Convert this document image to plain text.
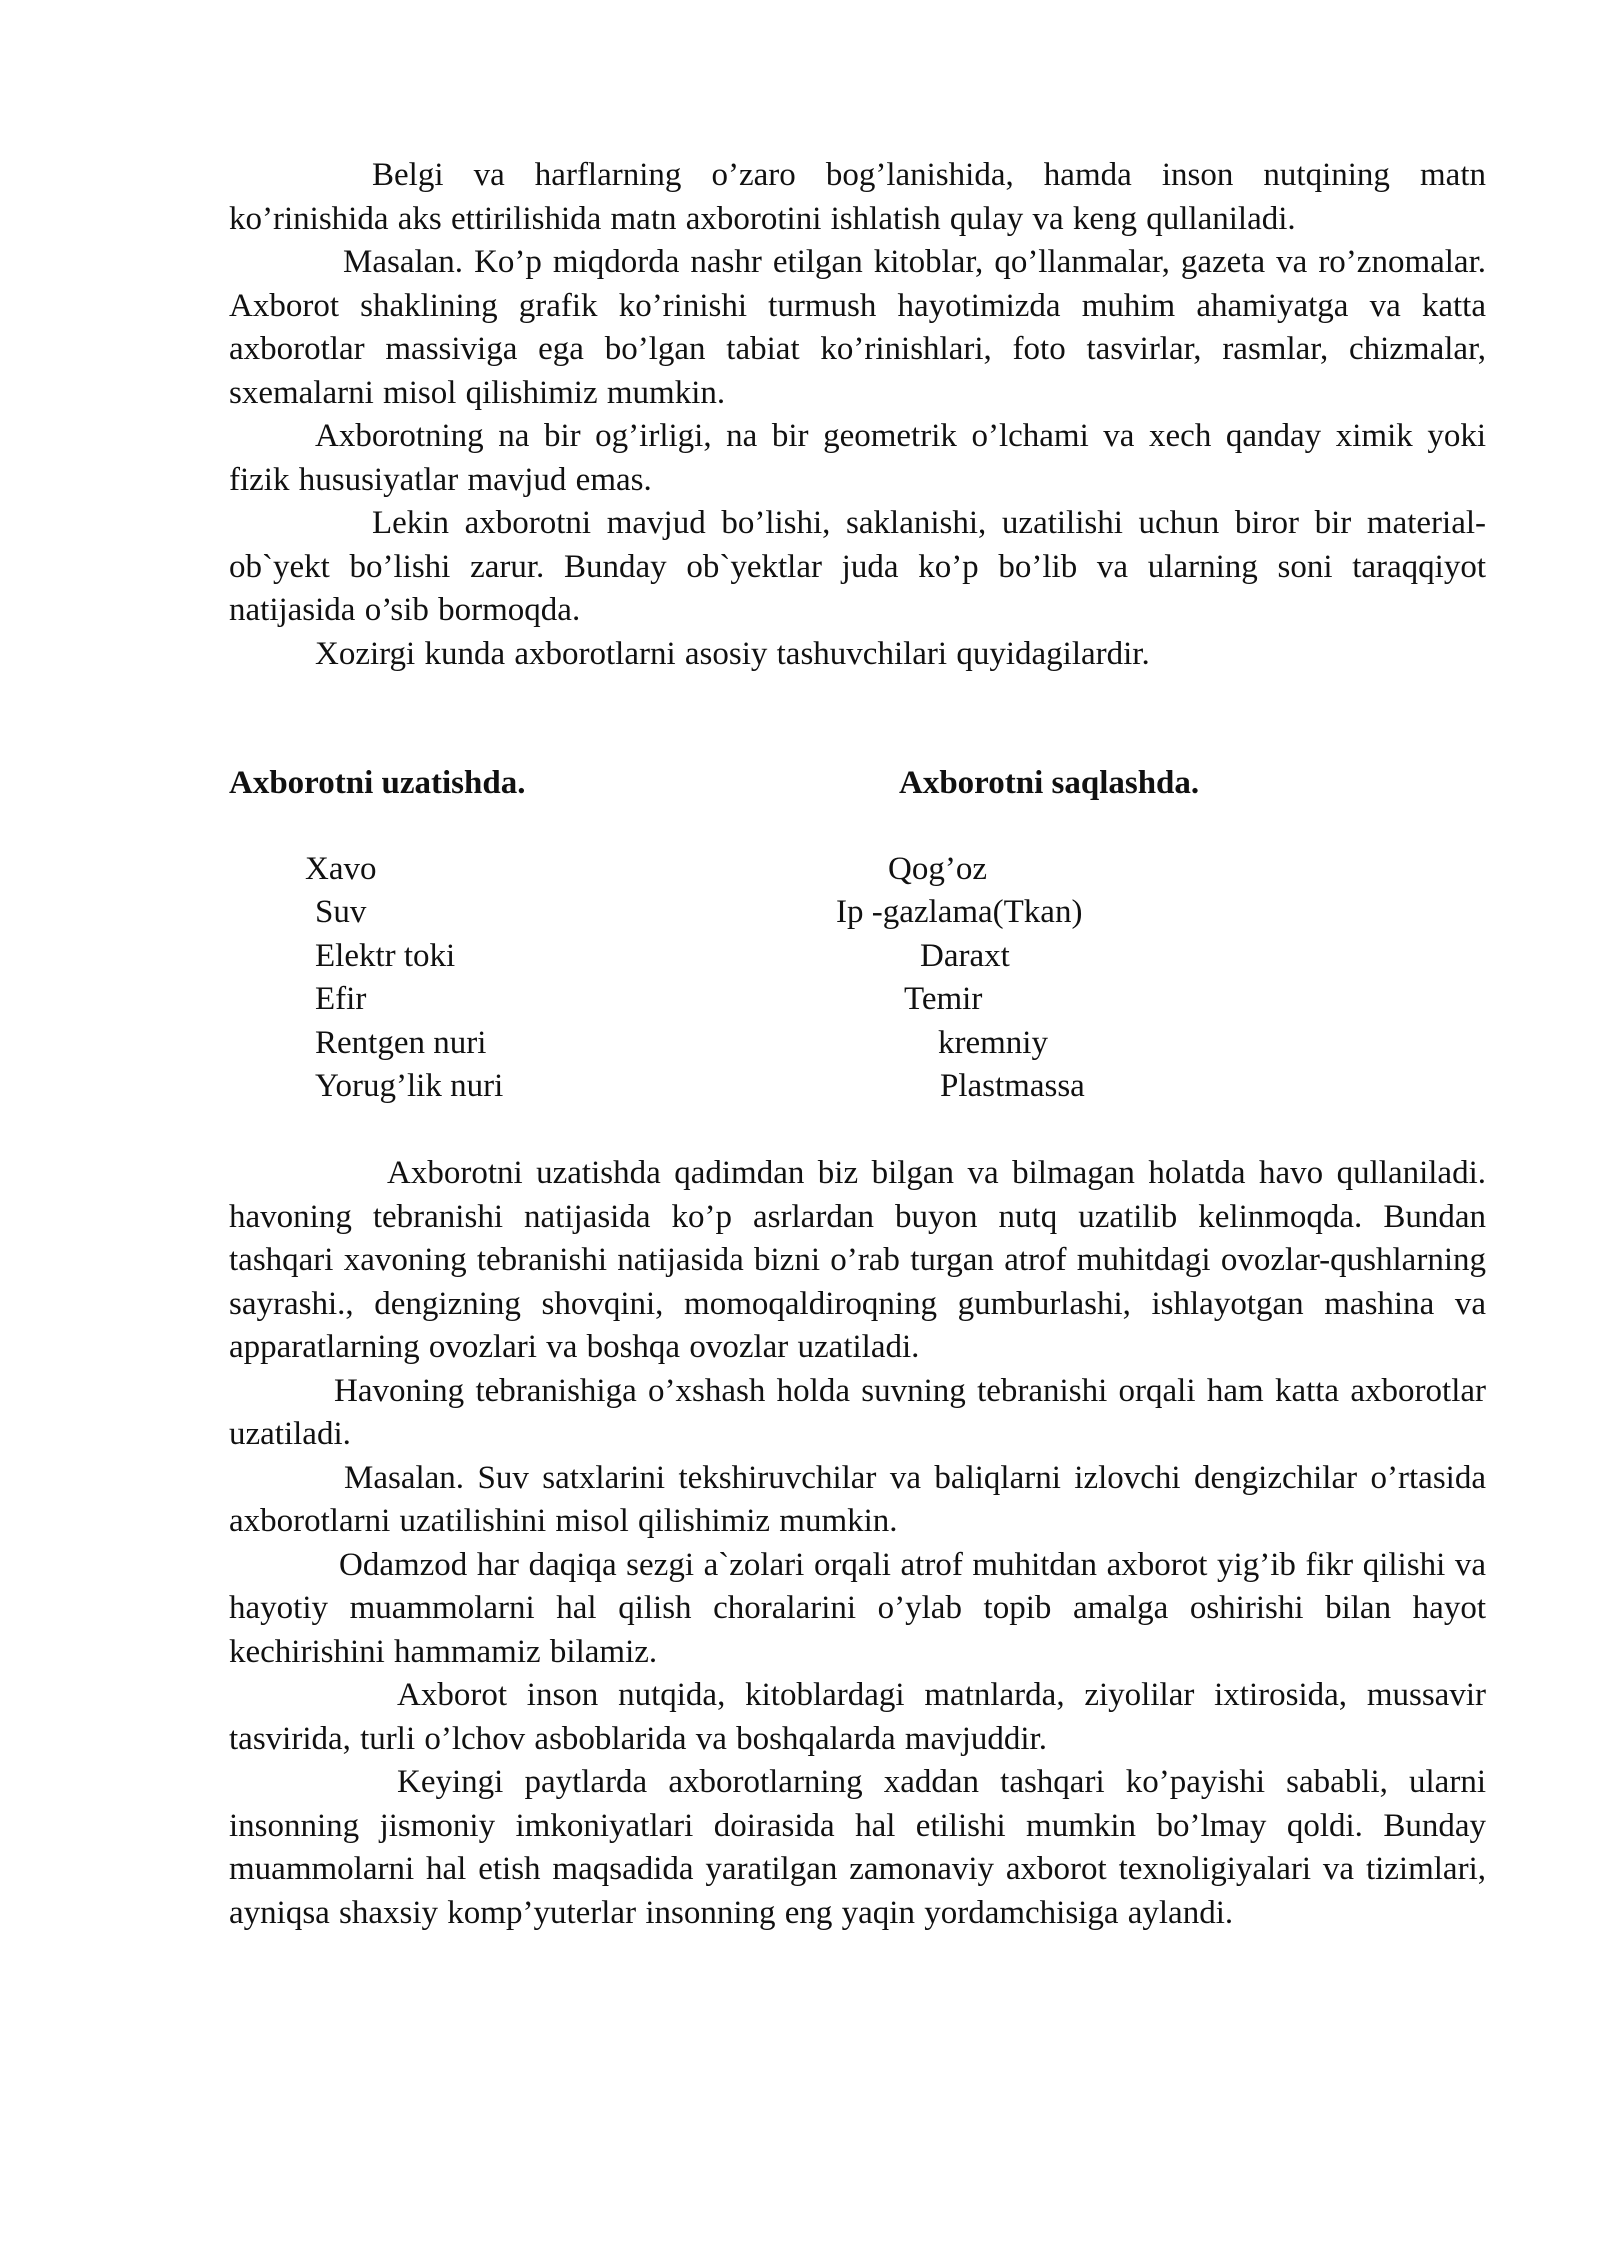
Belgi va harflarning o’zaro bog’lanishida, hamda inson nutqining matn ko’rinishida aks ettirilishida matn axborotini ishlatish qulay va keng qullaniladi.

Masalan. Ko’p miqdorda nashr etilgan kitoblar, qo’llanmalar, gazeta va ro’znomalar. Axborot shaklining grafik ko’rinishi turmush hayotimizda muhim ahamiyatga va katta axborotlar massiviga ega bo’lgan tabiat ko’rinishlari, foto tasvirlar, rasmlar, chizmalar, sxemalarni misol qilishimiz mumkin.

Axborotning na bir og’irligi, na bir geometrik o’lchami va xech qanday ximik yoki fizik hususiyatlar mavjud emas.

Lekin axborotni mavjud bo’lishi, saklanishi, uzatilishi uchun biror bir material-ob`yekt bo’lishi zarur. Bunday ob`yektlar juda ko’p bo’lib va ularning soni taraqqiyot natijasida o’sib bormoqda.

Xozirgi kunda axborotlarni asosiy tashuvchilari quyidagilardir.

Axborotni uzatishda.	Axborotni saqlashda.
Xavo
Suv
Elektr toki
Efir
Rentgen nuri
Yorug’lik nuri
Qog’oz
Ip -gazlama(Tkan)
Daraxt
Temir
kremniy
Plastmassa

Axborotni uzatishda qadimdan biz bilgan va bilmagan holatda havo qullaniladi. havoning tebranishi natijasida ko’p asrlardan buyon nutq uzatilib kelinmoqda. Bundan tashqari xavoning tebranishi natijasida bizni o’rab turgan atrof muhitdagi ovozlar-qushlarning sayrashi., dengizning shovqini, momoqaldiroqning gumburlashi, ishlayotgan mashina va apparatlarning ovozlari va boshqa ovozlar uzatiladi.

Havoning tebranishiga o’xshash holda suvning tebranishi orqali ham katta axborotlar uzatiladi.

Masalan. Suv satxlarini tekshiruvchilar va baliqlarni izlovchi dengizchilar o’rtasida axborotlarni uzatilishini misol qilishimiz mumkin.

Odamzod har daqiqa sezgi a`zolari orqali atrof muhitdan axborot yig’ib fikr qilishi va hayotiy muammolarni hal qilish choralarini o’ylab topib amalga oshirishi bilan hayot kechirishini hammamiz bilamiz.

Axborot inson nutqida, kitoblardagi matnlarda, ziyolilar ixtirosida, mussavir tasvirida, turli o’lchov asboblarida va boshqalarda mavjuddir.

Keyingi paytlarda axborotlarning xaddan tashqari ko’payishi sababli, ularni insonning jismoniy imkoniyatlari doirasida hal etilishi mumkin bo’lmay qoldi. Bunday muammolarni hal etish maqsadida yaratilgan zamonaviy axborot texnoligiyalari va tizimlari, ayniqsa shaxsiy komp’yuterlar insonning eng yaqin yordamchisiga aylandi.
